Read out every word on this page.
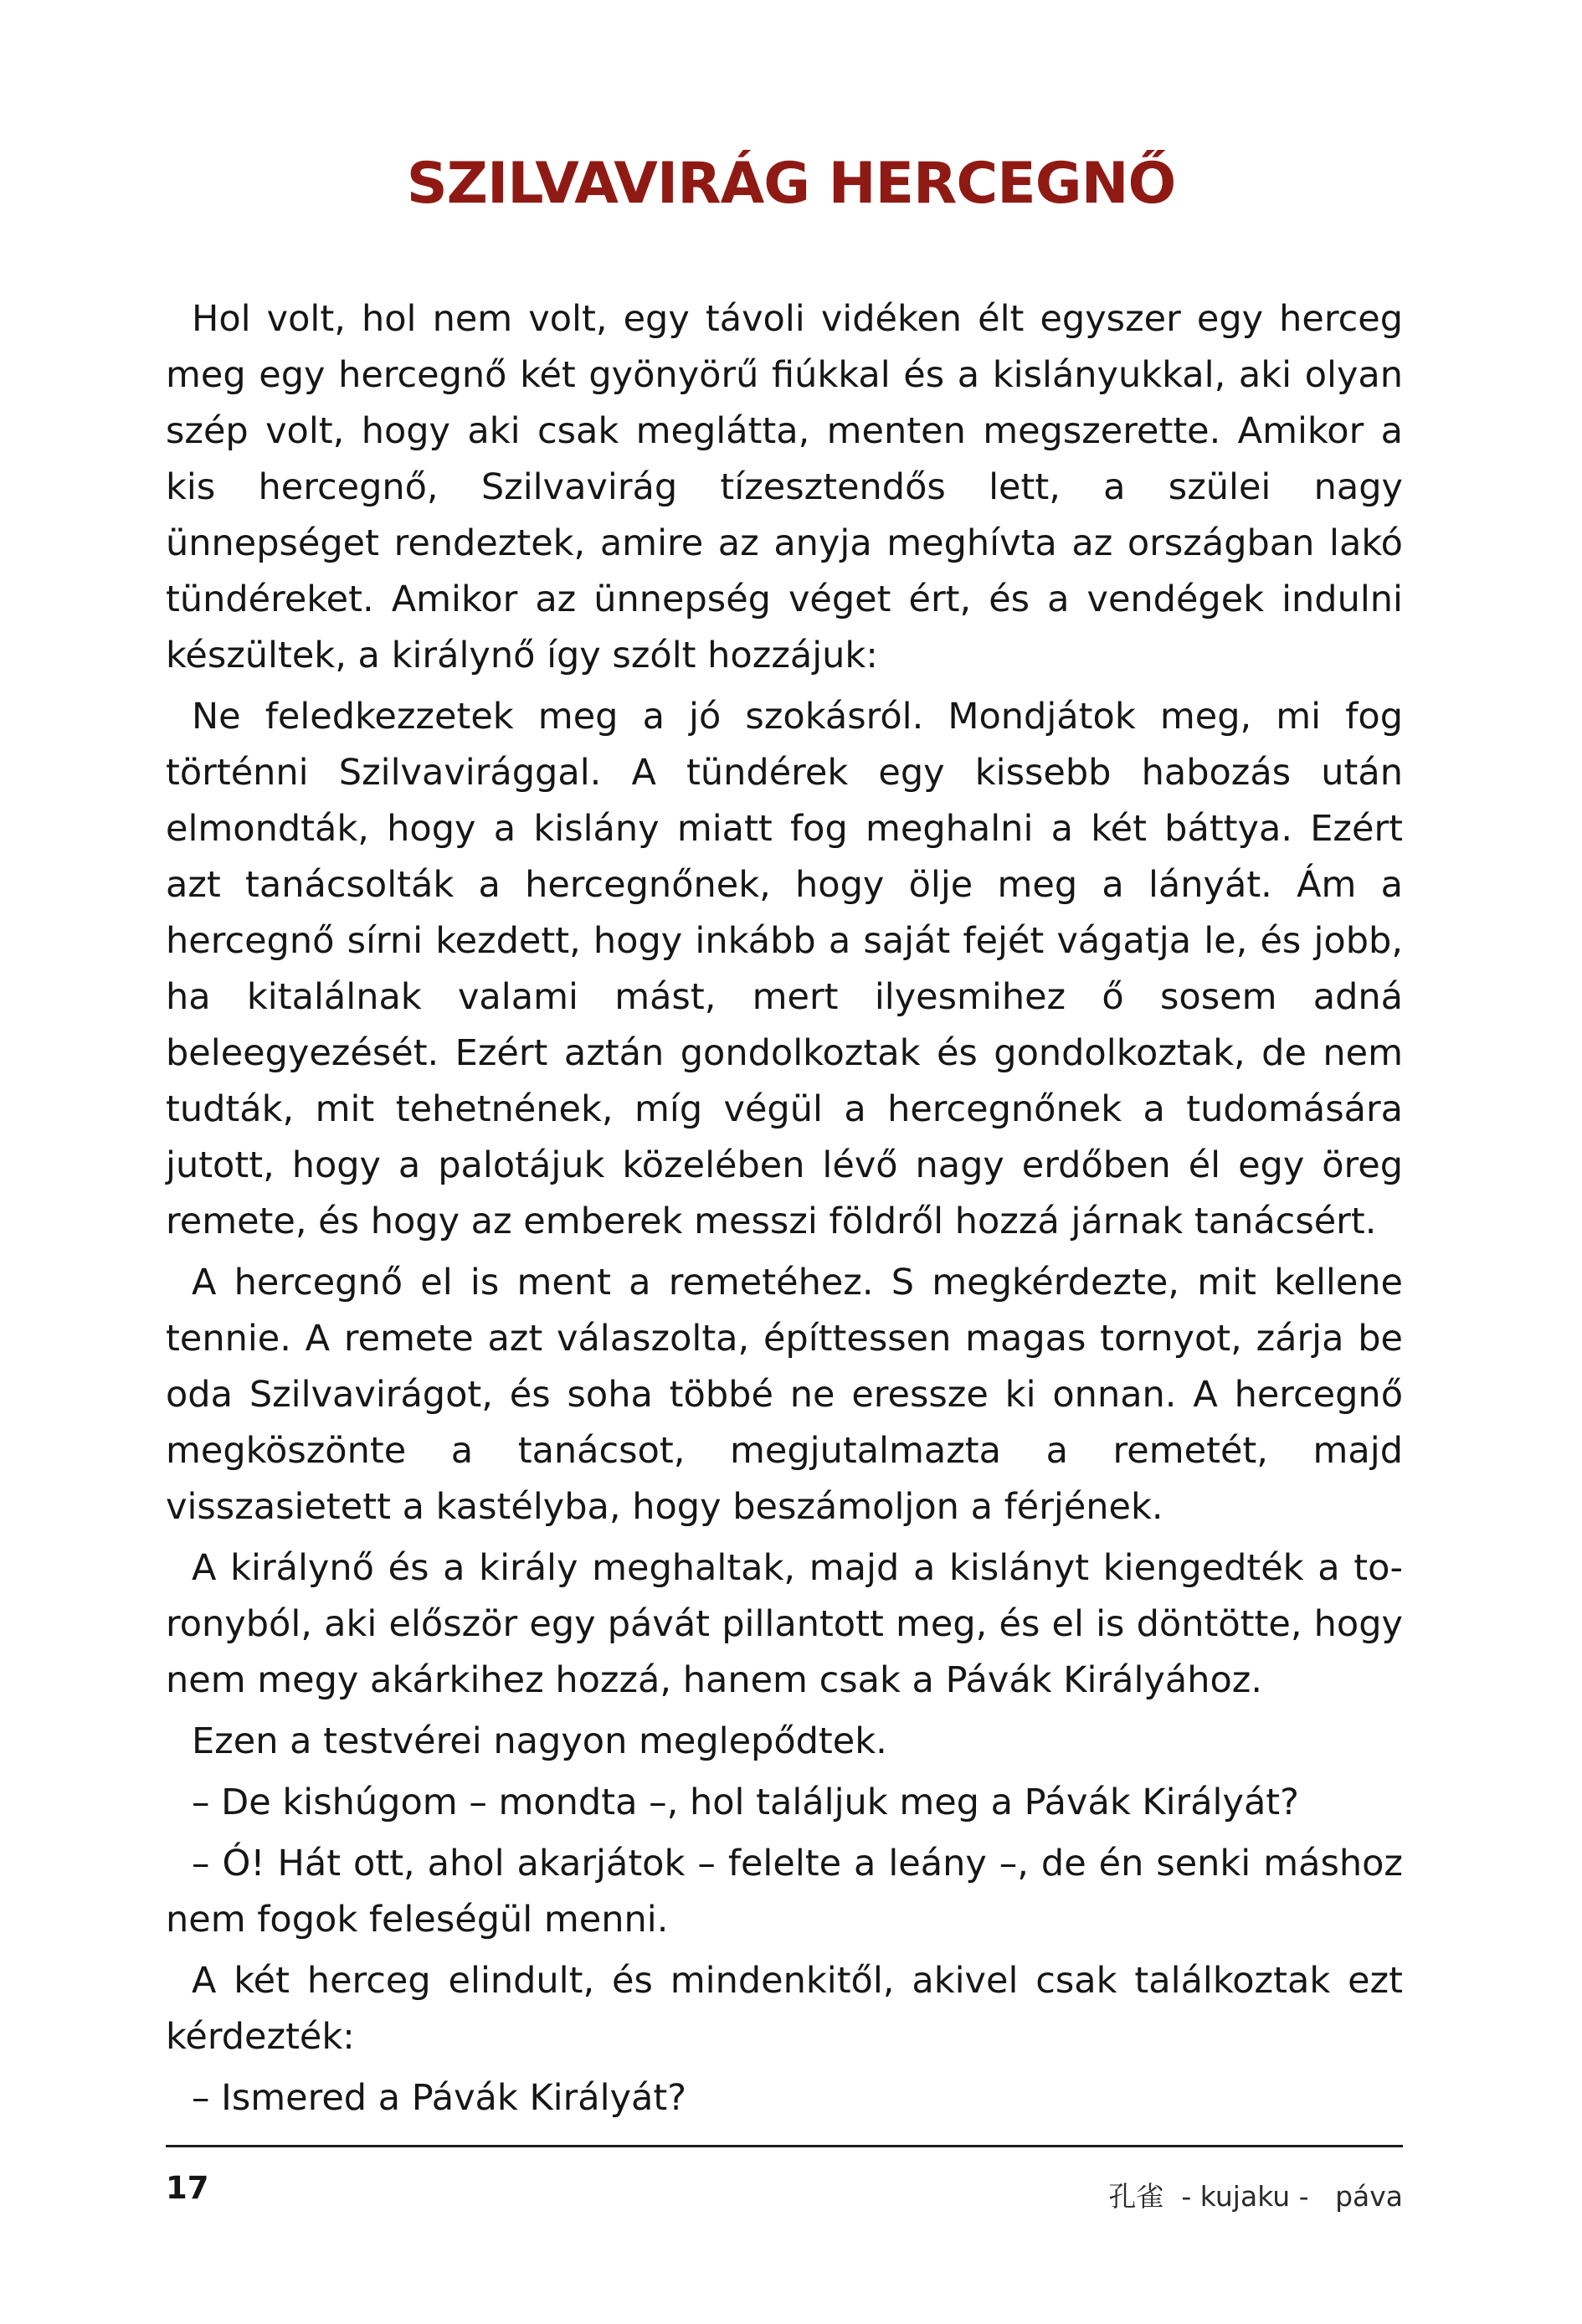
SZILVAVIRÁG HERCEGNŐ

Hol volt, hol nem volt, egy távoli vidéken élt egyszer egy herceg meg egy hercegnő két gyönyörű fiúkkal és a kislányukkal, aki olyan szép volt, hogy aki csak meglátta, menten megszerette. Amikor a kis hercegnő, Szilvavirág tízesztendős lett, a szülei nagy ünnepséget rendeztek, amire az anyja meghívta az országban lakó tündéreket. Amikor az ünnepség véget ért, és a vendégek indulni készültek, a királynő így szólt hozzájuk:

Ne feledkezzetek meg a jó szokásról. Mondjátok meg, mi fog történni Szilvavirággal. A tündérek egy kissebb habozás után elmondták, hogy a kislány miatt fog meghalni a két báttya. Ezért azt tanácsolták a hercegnőnek, hogy ölje meg a lányát. Ám a hercegnő sírni kezdett, hogy inkább a saját fejét vágatja le, és jobb, ha kitalálnak valami mást, mert ilyesmihez ő sosem adná beleegyezését. Ezért aztán gondolkoztak és gondolkoztak, de nem tudták, mit tehetnének, míg végül a hercegnőnek a tudomására jutott, hogy a palotájuk közelében lévő nagy erdőben él egy öreg remete, és hogy az emberek messzi földről hozzá járnak tanácsért.

A hercegnő el is ment a remetéhez. S megkérdezte, mit kellene tennie. A remete azt válaszolta, építtessen magas tornyot, zárja be oda Szilvavirágot, és soha többé ne eressze ki onnan. A hercegnő megköszönte a tanácsot, megjutalmazta a remetét, majd visszasietett a kastélyba, hogy beszámoljon a férjének.

A királynő és a király meghaltak, majd a kislányt kiengedték a toronyból, aki először egy pávát pillantott meg, és el is döntötte, hogy nem megy akárkihez hozzá, hanem csak a Pávák Királyához.

Ezen a testvérei nagyon meglepődtek.

– De kishúgom – mondta –, hol találjuk meg a Pávák Királyát?

– Ó! Hát ott, ahol akarjátok – felelte a leány –, de én senki máshoz nem fogok feleségül menni.

A két herceg elindult, és mindenkitől, akivel csak találkoztak ezt kérdezték:

– Ismered a Pávák Királyát?

17	孔雀  - kujaku -   páva
